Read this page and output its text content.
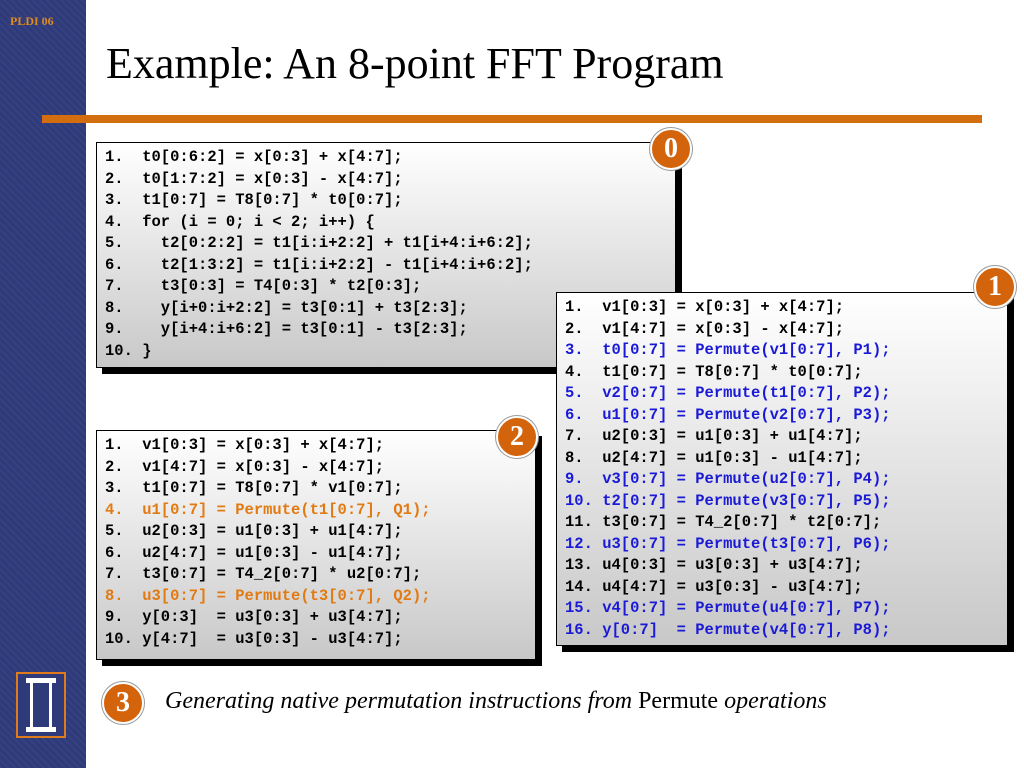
PLDI 06
Example: An 8-point FFT Program
1.  t0[0:6:2] = x[0:3] + x[4:7];
2.  t0[1:7:2] = x[0:3] - x[4:7];
3.  t1[0:7] = T8[0:7] * t0[0:7];
4.  for (i = 0; i < 2; i++) {
5.    t2[0:2:2] = t1[i:i+2:2] + t1[i+4:i+6:2];
6.    t2[1:3:2] = t1[i:i+2:2] - t1[i+4:i+6:2];
7.    t3[0:3] = T4[0:3] * t2[0:3];
8.    y[i+0:i+2:2] = t3[0:1] + t3[2:3];
9.    y[i+4:i+6:2] = t3[0:1] - t3[2:3];
10. }
1.  v1[0:3] = x[0:3] + x[4:7];
2.  v1[4:7] = x[0:3] - x[4:7];
3.  t1[0:7] = T8[0:7] * v1[0:7];
4.  u1[0:7] = Permute(t1[0:7], Q1);
5.  u2[0:3] = u1[0:3] + u1[4:7];
6.  u2[4:7] = u1[0:3] - u1[4:7];
7.  t3[0:7] = T4_2[0:7] * u2[0:7];
8.  u3[0:7] = Permute(t3[0:7], Q2);
9.  y[0:3]  = u3[0:3] + u3[4:7];
10. y[4:7]  = u3[0:3] - u3[4:7];
1.  v1[0:3] = x[0:3] + x[4:7];
2.  v1[4:7] = x[0:3] - x[4:7];
3.  t0[0:7] = Permute(v1[0:7], P1);
4.  t1[0:7] = T8[0:7] * t0[0:7];
5.  v2[0:7] = Permute(t1[0:7], P2);
6.  u1[0:7] = Permute(v2[0:7], P3);
7.  u2[0:3] = u1[0:3] + u1[4:7];
8.  u2[4:7] = u1[0:3] - u1[4:7];
9.  v3[0:7] = Permute(u2[0:7], P4);
10. t2[0:7] = Permute(v3[0:7], P5);
11. t3[0:7] = T4_2[0:7] * t2[0:7];
12. u3[0:7] = Permute(t3[0:7], P6);
13. u4[0:3] = u3[0:3] + u3[4:7];
14. u4[4:7] = u3[0:3] - u3[4:7];
15. v4[0:7] = Permute(u4[0:7], P7);
16. y[0:7]  = Permute(v4[0:7], P8);
0
1
2
3	Generating native permutation instructions from Permute operations
